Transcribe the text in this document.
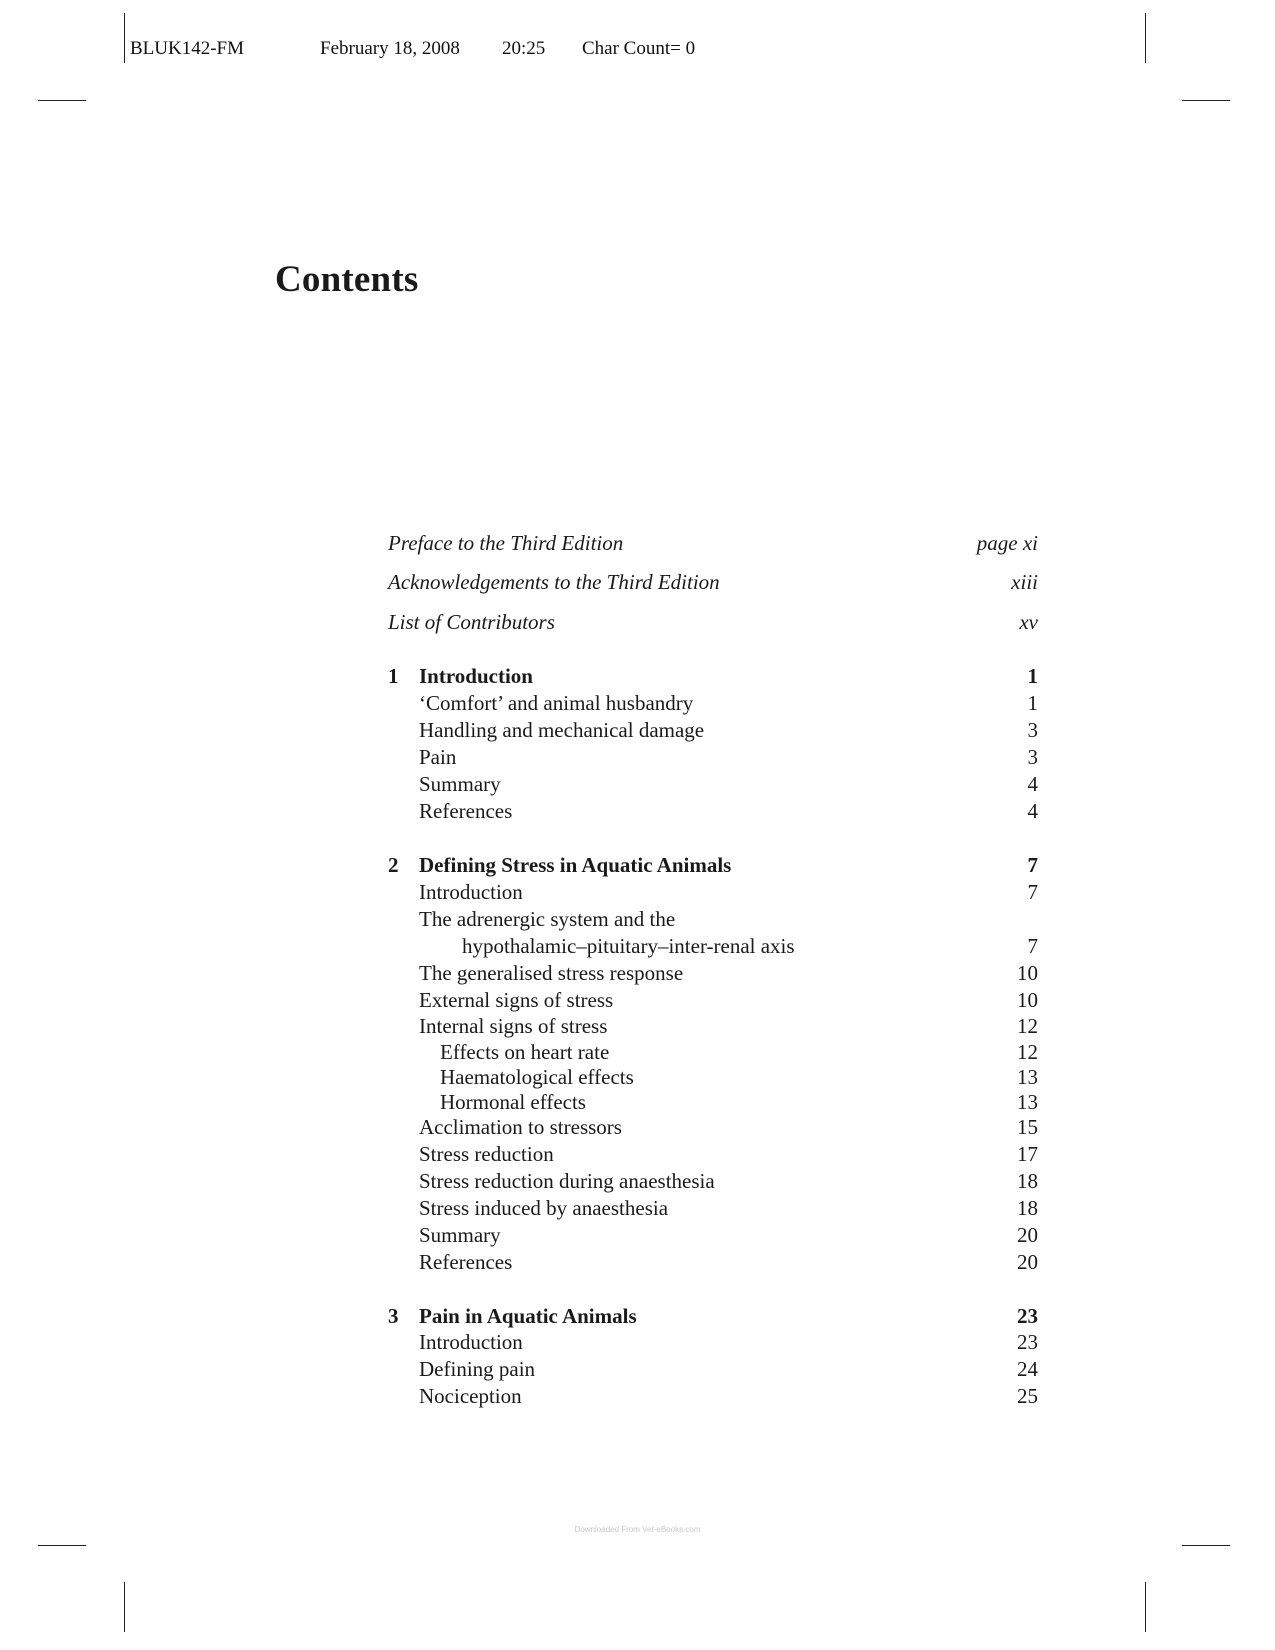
BLUK142-FM	February 18, 2008	20:25	Char Count= 0
Contents
Preface to the Third Edition	page xi
Acknowledgements to the Third Edition	xiii
List of Contributors	xv
1 Introduction	1
‘Comfort’ and animal husbandry	1
Handling and mechanical damage	3
Pain	3
Summary	4
References	4
2 Defining Stress in Aquatic Animals	7
Introduction	7
The adrenergic system and the
hypothalamic–pituitary–inter-renal axis	7
The generalised stress response	10
External signs of stress	10
Internal signs of stress	12
Effects on heart rate	12
Haematological effects	13
Hormonal effects	13
Acclimation to stressors	15
Stress reduction	17
Stress reduction during anaesthesia	18
Stress induced by anaesthesia	18
Summary	20
References	20
3 Pain in Aquatic Animals	23
Introduction	23
Defining pain	24
Nociception	25
Downloaded From Vet-eBooks.com
